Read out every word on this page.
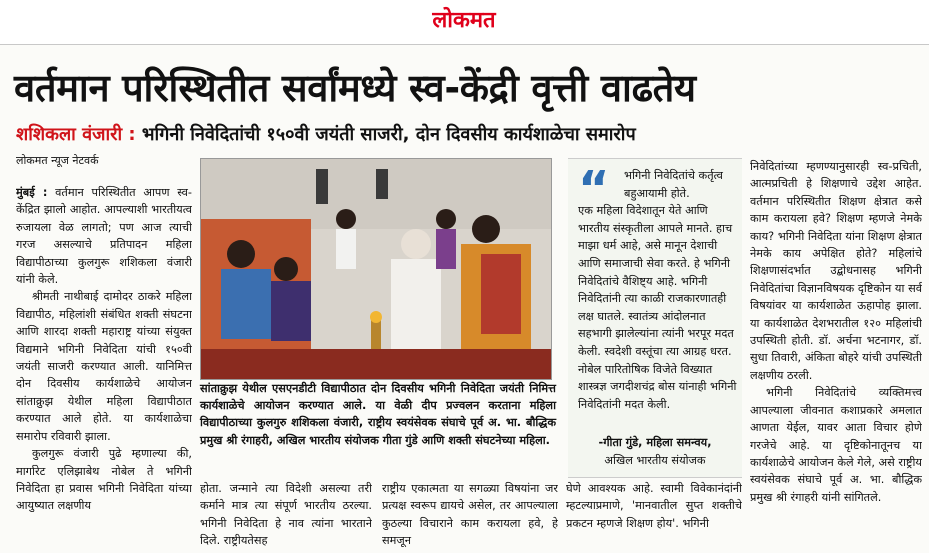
लोकमत
वर्तमान परिस्थितीत सर्वांमध्ये स्व-केंद्री वृत्ती वाढतेय
शशिकला वंजारी : भगिनी निवेदितांची १५०वी जयंती साजरी, दोन दिवसीय कार्यशाळेचा समारोप
लोकमत न्यूज नेटवर्क

मुंबई : वर्तमान परिस्थितीत आपण स्व-केंद्रित झालो आहोत. आपल्याशी भारतीयत्व रुजायला वेळ लागतो; पण आज त्याची गरज असल्याचे प्रतिपादन महिला विद्यापीठाच्या कुलगुरू शशिकला वंजारी यांनी केले.

श्रीमती नाथीबाई दामोदर ठाकरे महिला विद्यापीठ, महिलांशी संबंधित शक्ती संघटना आणि शारदा शक्ती महाराष्ट्र यांच्या संयुक्त विद्यमाने भगिनी निवेदिता यांची १५०वी जयंती साजरी करण्यात आली. यानिमित्त दोन दिवसीय कार्यशाळेचे आयोजन सांताक्रुझ येथील महिला विद्यापीठात करण्यात आले होते. या कार्यशाळेचा समारोप रविवारी झाला.

कुलगुरू वंजारी पुढे म्हणाल्या की, मार्गारेट एलिझाबेथ नोबेल ते भगिनी निवेदिता हा प्रवास भगिनी निवेदिता यांच्या आयुष्यात लक्षणीय

सांताक्रुझ येथील एसएनडीटी विद्यापीठात दोन दिवसीय भगिनी निवेदिता जयंती निमित्त कार्यशाळेचे आयोजन करण्यात आले. या वेळी दीप प्रज्वलन करताना महिला विद्यापीठाच्या कुलगुरु शशिकला वंजारी, राष्ट्रीय स्वयंसेवक संघाचे पूर्व अ. भा. बौद्धिक प्रमुख श्री रंगाहरी, अखिल भारतीय संयोजक गीता गुंडे आणि शक्ती संघटनेच्या महिला.
होता. जन्माने त्या विदेशी असल्या तरी कर्माने मात्र त्या संपूर्ण भारतीय ठरल्या. भगिनी निवेदिता हे नाव त्यांना भारताने दिले. राष्ट्रीयतेसह
राष्ट्रीय एकात्मता या सगळ्या विषयांना जर प्रत्यक्ष स्वरूप द्यायचे असेल, तर आपल्याला कुठल्या विचाराने काम करायला हवे, हे समजून
घेणे आवश्यक आहे. स्वामी विवेकानंदांनी म्हटल्याप्रमाणे, 'मानवातील सुप्त शक्तीचे प्रकटन म्हणजे शिक्षण होय'. भगिनी
“	भगिनी निवेदितांचे कर्तृत्व बहुआयामी होते.
एक महिला विदेशातून येते आणि भारतीय संस्कृतीला आपले मानते. हाच माझा धर्म आहे, असे मानून देशाची आणि समाजाची सेवा करते. हे भगिनी निवेदितांचे वैशिष्ट्य आहे. भगिनी निवेदितांनी त्या काळी राजकारणातही लक्ष घातले. स्वातंत्र्य आंदोलनात सहभागी झालेल्यांना त्यांनी भरपूर मदत केली. स्वदेशी वस्तूंचा त्या आग्रह धरत. नोबेल पारितोषिक विजेते विख्यात शास्त्रज्ञ जगदीशचंद्र बोस यांनाही भगिनी निवेदितांनी मदत केली.
-गीता गुंडे, महिला समन्वय,
अखिल भारतीय संयोजक

निवेदितांच्या म्हणण्यानुसारही स्व-प्रचिती, आत्मप्रचिती हे शिक्षणाचे उद्देश आहेत. वर्तमान परिस्थितीत शिक्षण क्षेत्रात कसे काम करायला हवे? शिक्षण म्हणजे नेमके काय? भगिनी निवेदिता यांना शिक्षण क्षेत्रात नेमके काय अपेक्षित होते? महिलांचे शिक्षणासंदर्भात उद्बोधनासह भगिनी निवेदितांचा विज्ञानविषयक दृष्टिकोन या सर्व विषयांवर या कार्यशाळेत ऊहापोह झाला. या कार्यशाळेत देशभरातील १२० महिलांची उपस्थिती होती. डॉ. अर्चना भटनागर, डॉ. सुधा तिवारी, अंकिता बोहरे यांची उपस्थिती लक्षणीय ठरली.

भगिनी निवेदितांचे व्यक्तिमत्त्व आपल्याला जीवनात कशाप्रकारे अमलात आणता येईल, यावर आता विचार होणे गरजेचे आहे. या दृष्टिकोनातूनच या कार्यशाळेचे आयोजन केले गेले, असे राष्ट्रीय स्वयंसेवक संघाचे पूर्व अ. भा. बौद्धिक प्रमुख श्री रंगाहरी यांनी सांगितले.
